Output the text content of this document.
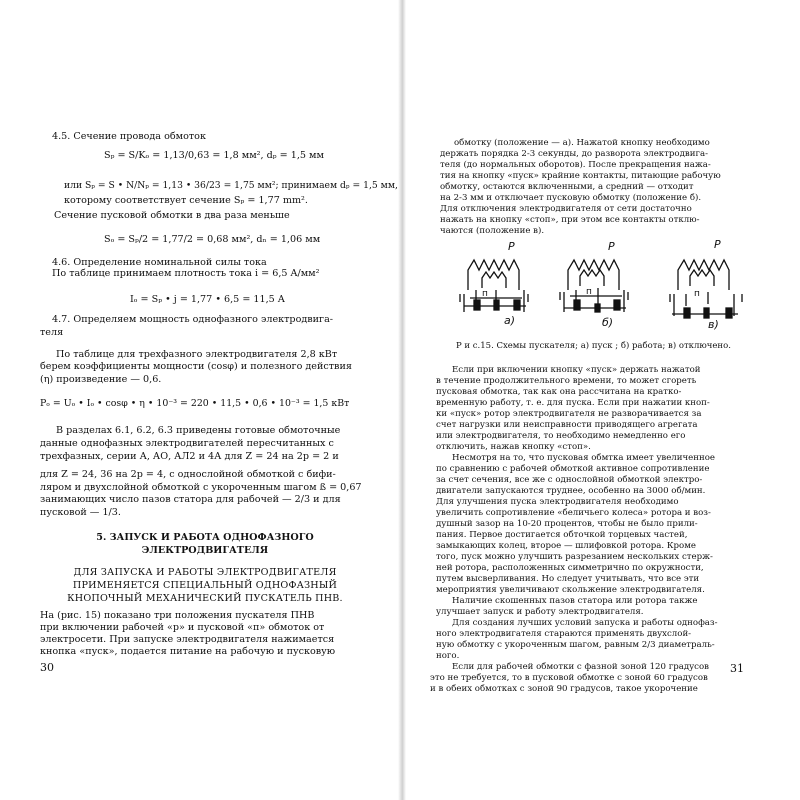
4.5. Сечение провода обмоток
Sₚ = S/Kₒ = 1,13/0,63 = 1,8 мм², dₚ = 1,5 мм
или Sₚ = S • N/Nₚ = 1,13 • 36/23 = 1,75 мм²; принимаем dₚ = 1,5 мм,
которому соответствует сечение Sₚ = 1,77 mm².
Сечение пусковой обмотки в два раза меньше
Sₒ = Sₚ/2 = 1,77/2 = 0,68 мм², dₙ = 1,06 мм
4.6. Определение номинальной силы тока
По таблице принимаем плотность тока i = 6,5 A/мм²
Iₒ = Sₚ • j = 1,77 • 6,5 = 11,5 A
4.7. Определяем мощность однофазного электродвига-
теля
По таблице для трехфазного электродвигателя 2,8 кВт
берем коэффициенты мощности (cosφ) и полезного действия
(η) произведение — 0,6.
Pₒ = Uₒ • Iₒ • cosφ • η • 10⁻³ = 220 • 11,5 • 0,6 • 10⁻³ = 1,5 кВт
В разделах 6.1, 6.2, 6.3 приведены готовые обмоточные
данные однофазных электродвигателей пересчитанных с
трехфазных, серии А, АО, АЛ2 и 4А для Z = 24 на 2p = 2 и
для Z = 24, 36 на 2p = 4, с однослойной обмоткой с бифи-
ляром и двухслойной обмоткой с укороченным шагом ß = 0,67
занимающих число пазов статора для рабочей — 2/3 и для
пусковой — 1/3.
5. ЗАПУСК И РАБОТА ОДНОФАЗНОГО
ЭЛЕКТРОДВИГАТЕЛЯ
ДЛЯ ЗАПУСКА И РАБОТЫ ЭЛЕКТРОДВИГАТЕЛЯ
ПРИМЕНЯЕТСЯ СПЕЦИАЛЬНЫЙ ОДНОФАЗНЫЙ
КНОПОЧНЫЙ МЕХАНИЧЕСКИЙ ПУСКАТЕЛЬ ПНВ.
На (рис. 15) показано три положения пускателя ПНВ
при включении рабочей «р» и пусковой «п» обмоток от
электросети. При запуске электродвигателя нажимается
кнопка «пуск», подается питание на рабочую и пусковую
30
обмотку (положение — а). Нажатой кнопку необходимо
держать порядка 2-3 секунды, до разворота электродвига-
теля (до нормальных оборотов). После прекращения нажа-
тия на кнопку «пуск» крайние контакты, питающие рабочую
обмотку, остаются включенными, а средний — отходит
на 2-3 мм и отключает пусковую обмотку (положение б).
Для отключения электродвигателя от сети достаточно
нажать на кнопку «стоп», при этом все контакты отклю-
чаются (положение в).
P	P	P
п	п	п
а)	б)	в)
Р и с.15. Схемы пускателя; а) пуск ; б) работа; в) отключено.
Если при включении кнопку «пуск» держать нажатой
в течение продолжительного времени, то может сгореть
пусковая обмотка, так как она рассчитана на кратко-
временную работу, т. е. для пуска. Если при нажатии кноп-
ки «пуск» ротор электродвигателя не разворачивается за
счет нагрузки или неисправности приводящего агрегата
или электродвигателя, то необходимо немедленно его
отключить, нажав кнопку «стоп».
Несмотря на то, что пусковая обмтка имеет увеличенное
по сравнению с рабочей обмоткой активное сопротивление
за счет сечения, все же с однослойной обмоткой электро-
двигатели запускаются труднее, особенно на 3000 об/мин.
Для улучшения пуска электродвигателя необходимо
увеличить сопротивление «беличьего колеса» ротора и воз-
душный зазор на 10-20 процентов, чтобы не было прили-
пания. Первое достигается обточкой торцевых частей,
замыкающих колец, второе — шлифовкой ротора. Кроме
того, пуск можно улучшить разрезанием нескольких стерж-
ней ротора, расположенных симметрично по окружности,
путем высверливания. Но следует учитывать, что все эти
мероприятия увеличивают скольжение электродвигателя.
Наличие скошенных пазов статора или ротора также
улучшает запуск и работу электродвигателя.
Для создания лучших условий запуска и работы однофаз-
ного электродвигателя стараются применять двухслой-
ную обмотку с укороченным шагом, равным 2/3 диаметраль-
ного.
Если для рабочей обмотки с фазной зоной 120 градусов
это не требуется, то в пусковой обмотке с зоной 60 градусов
и в обеих обмотках с зоной 90 градусов, такое укорочение
31
